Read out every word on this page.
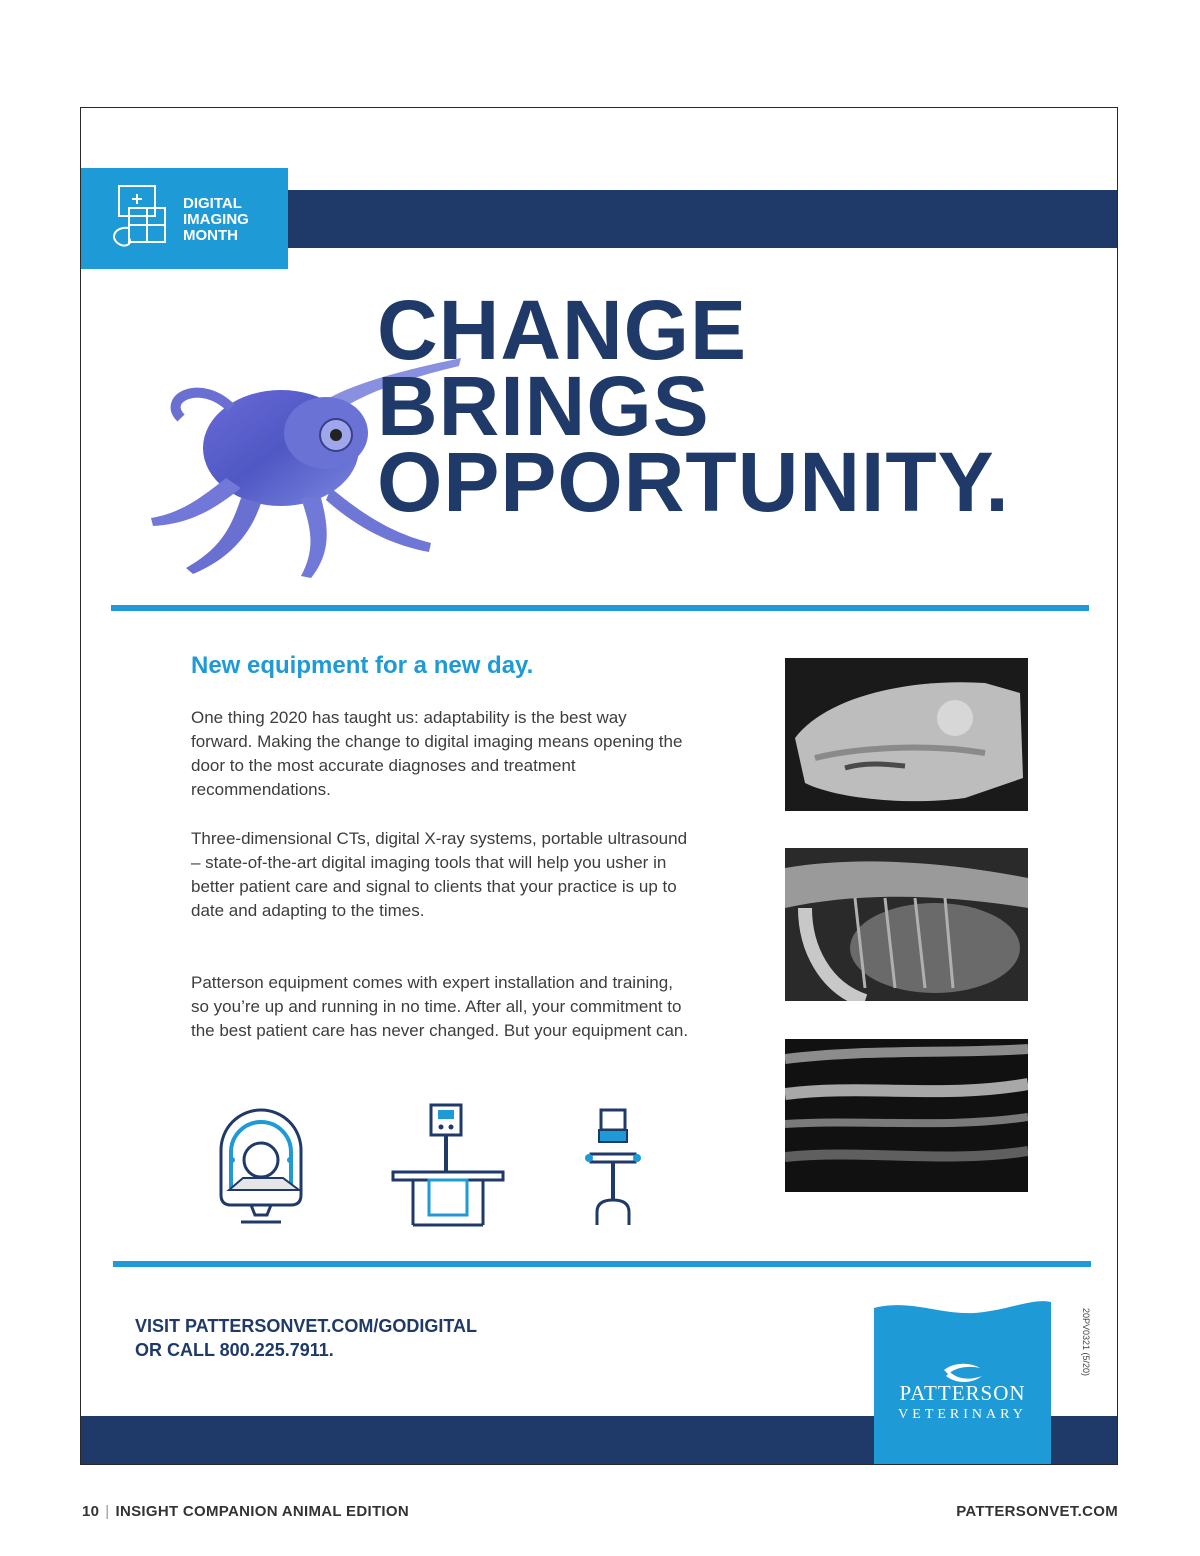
DIGITAL
IMAGING
MONTH
CHANGE
BRINGS
OPPORTUNITY.
New equipment for a new day.
One thing 2020 has taught us: adaptability is the best way forward. Making the change to digital imaging means opening the door to the most accurate diagnoses and treatment recommendations.
Three-dimensional CTs, digital X-ray systems, portable ultrasound – state-of-the-art digital imaging tools that will help you usher in better patient care and signal to clients that your practice is up to date and adapting to the times.
Patterson equipment comes with expert installation and training, so you’re up and running in no time. After all, your commitment to the best patient care has never changed. But your equipment can.
VISIT PATTERSONVET.COM/GODIGITAL
OR CALL 800.225.7911.
PATTERSON
VETERINARY
20PV0321 (5/20)
10 | INSIGHT COMPANION ANIMAL EDITION	PATTERSONVET.COM
